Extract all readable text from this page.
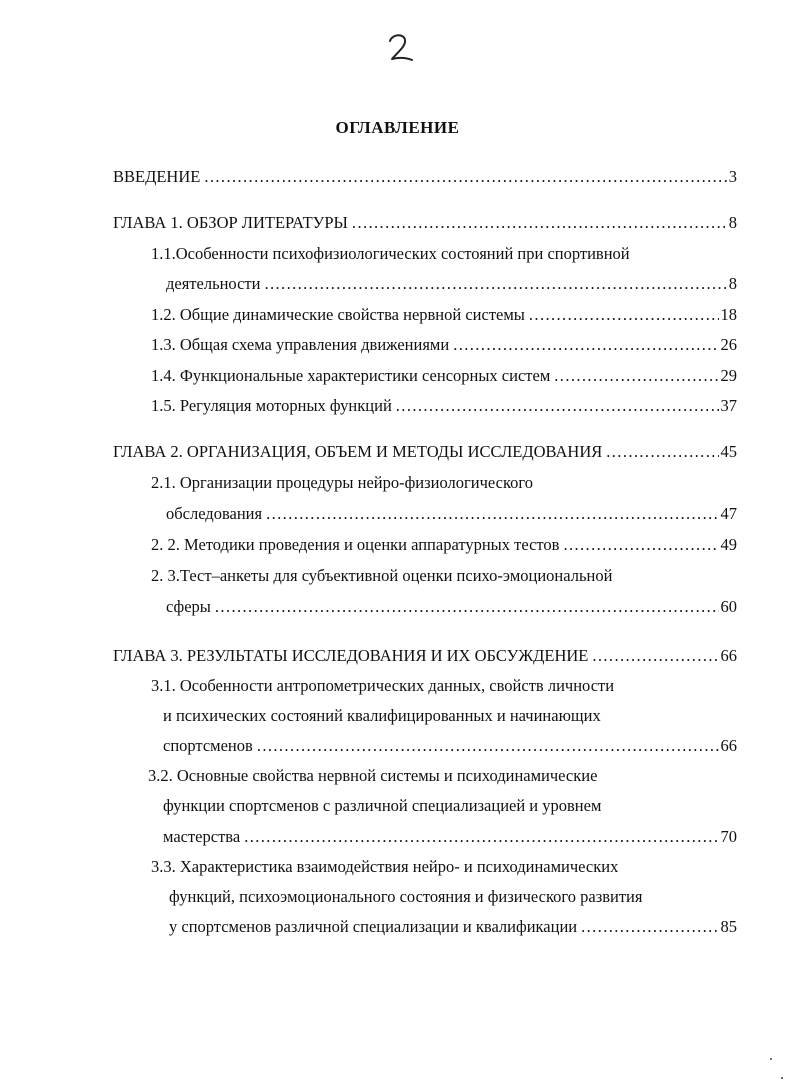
ОГЛАВЛЕНИЕ
ВВЕДЕНИЕ .....	3
ГЛАВА 1. ОБЗОР ЛИТЕРАТУРЫ .....	8
1.1.Особенности психофизиологических состояний при спортивной
деятельности .....	8
1.2. Общие динамические свойства нервной системы .....	18
1.3. Общая схема управления движениями .....	26
1.4. Функциональные характеристики сенсорных систем .....	29
1.5. Регуляция моторных функций .....	37
ГЛАВА 2. ОРГАНИЗАЦИЯ, ОБЪЕМ И МЕТОДЫ ИССЛЕДОВАНИЯ .....	45
2.1. Организации процедуры нейро-физиологического
обследования .....	47
2. 2. Методики проведения и оценки аппаратурных тестов .....	49
2. 3.Тест–анкеты для субъективной оценки психо-эмоциональной
сферы .....	60
ГЛАВА 3. РЕЗУЛЬТАТЫ ИССЛЕДОВАНИЯ И ИХ ОБСУЖДЕНИЕ .....	66
3.1. Особенности антропометрических данных, свойств личности
и психических состояний квалифицированных и начинающих
спортсменов .....	66
3.2. Основные свойства нервной системы и психодинамические
функции спортсменов с различной специализацией и уровнем
мастерства .....	70
3.3. Характеристика взаимодействия нейро- и психодинамических
функций, психоэмоционального состояния и физического развития
у спортсменов различной специализации и квалификации .....	85
